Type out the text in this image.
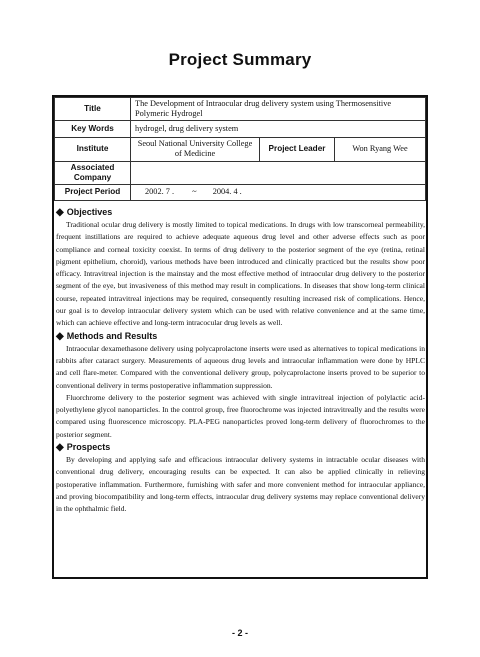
Project Summary
Title	The Development of Intraocular drug delivery system using Thermosensitive Polymeric Hydrogel		
Key Words	hydrogel, drug delivery system		
Institute	Seoul National University College of Medicine	Project Leader	Won Ryang Wee
Associated Company			
Project Period	2002. 7 . ~ 2004. 4 .		
◆ Objectives

Traditional ocular drug delivery is mostly limited to topical medications. In drugs with low transcorneal permeability, frequent instillations are required to achieve adequate aqueous drug level and other adverse effects such as poor compliance and corneal toxicity coexist. In terms of drug delivery to the posterior segment of the eye (retina, retinal pigment epithelium, choroid), various methods have been introduced and clinically practiced but the results show poor efficacy. Intravitreal injection is the mainstay and the most effective method of intraocular drug delivery to the posterior segment of the eye, but invasiveness of this method may result in complications. In diseases that show long-term clinical course, repeated intravitreal injections may be required, consequently resulting increased risk of complications. Hence, our goal is to develop intraocular delivery system which can be used with relative convenience and at the same time, which can achieve effective and long-term intracocular drug levels as well.

◆ Methods and Results

Intraocular dexamethasone delivery using polycaprolactone inserts were used as alternatives to topical medications in rabbits after cataract surgery. Measurements of aqueous drug levels and intraocular inflammation were done by HPLC and cell flare-meter. Compared with the conventional delivery group, polycaprolactone inserts proved to be superior to conventional delivery in terms postoperative inflammation suppression.

Fluorchrome delivery to the posterior segment was achieved with single intravitreal injection of polylactic acid-polyethylene glycol nanoparticles. In the control group, free fluorochrome was injected intravitreally and the results were compared using fluorescence microscopy. PLA-PEG nanoparticles proved long-term delivery of fluorochromes to the posterior segment.

◆ Prospects

By developing and applying safe and efficacious intraocular delivery systems in intractable ocular diseases with conventional drug delivery, encouraging results can be expected. It can also be applied clinically in relieving postoperative inflammation. Furthermore, furnishing with safer and more convenient method for intraocular appliance, and proving biocompatibility and long-term effects, intraocular drug delivery systems may replace conventional delivery in the ophthalmic field.

- 2 -
